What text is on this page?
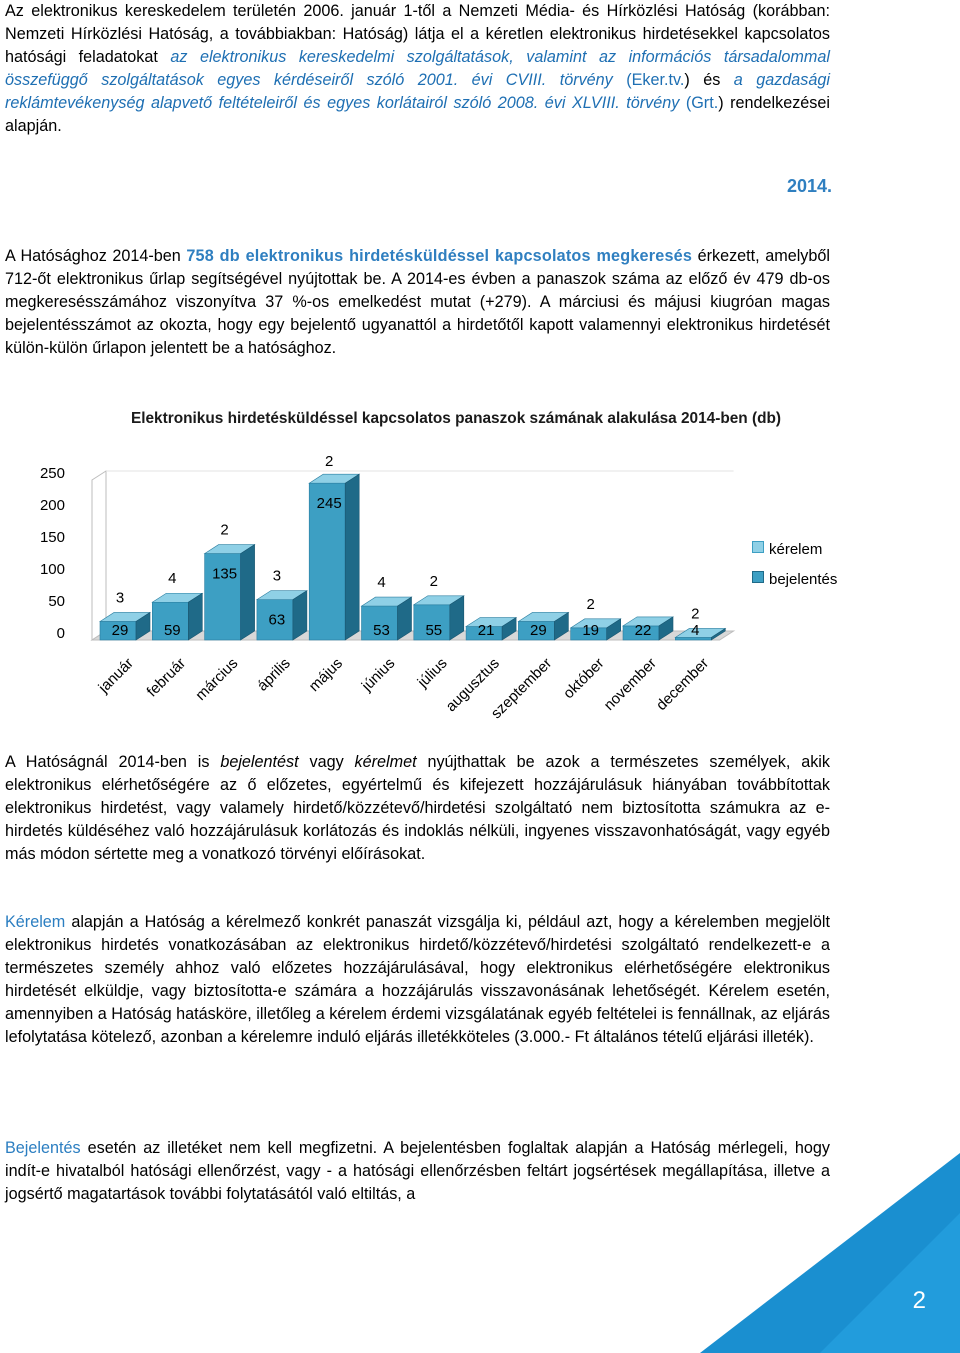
Az elektronikus kereskedelem területén 2006. január 1-től a Nemzeti Média- és Hírközlési Hatóság (korábban: Nemzeti Hírközlési Hatóság, a továbbiakban: Hatóság) látja el a kéretlen elektronikus hirdetésekkel kapcsolatos hatósági feladatokat az elektronikus kereskedelmi szolgáltatások, valamint az információs társadalommal összefüggő szolgáltatások egyes kérdéseiről szóló 2001. évi CVIII. törvény (Eker.tv.) és a gazdasági reklámtevékenység alapvető feltételeiről és egyes korlátairól szóló 2008. évi XLVIII. törvény (Grt.) rendelkezései alapján.

2014.

A Hatósághoz 2014-ben 758 db elektronikus hirdetésküldéssel kapcsolatos megkeresés érkezett, amelyből 712-őt elektronikus űrlap segítségével nyújtottak be. A 2014-es évben a panaszok száma az előző év 479 db-os megkeresésszámához viszonyítva 37 %-os emelkedést mutat (+279). A márciusi és májusi kiugróan magas bejelentésszámot az okozta, hogy egy bejelentő ugyanattól a hirdetőtől kapott valamennyi elektronikus hirdetését külön-külön űrlapon jelentett be a hatósághoz.

Elektronikus hirdetésküldéssel kapcsolatos panaszok számának alakulása 2014-ben (db)
250
200
150
100
50
0	29
3
január
59
4
február
135
2
március
63
3
április
245
2
május
53
4
június
55
2
július
21
augusztus
29
szeptember
19
2
október
22
november
4
2
december
kérelem
bejelentés

A Hatóságnál 2014-ben is bejelentést vagy kérelmet nyújthattak be azok a természetes személyek, akik elektronikus elérhetőségére az ő előzetes, egyértelmű és kifejezett hozzájárulásuk hiányában továbbítottak elektronikus hirdetést, vagy valamely hirdető/közzétevő/hirdetési szolgáltató nem biztosította számukra az e-hirdetés küldéséhez való hozzájárulásuk korlátozás és indoklás nélküli, ingyenes visszavonhatóságát, vagy egyéb más módon sértette meg a vonatkozó törvényi előírásokat.

Kérelem alapján a Hatóság a kérelmező konkrét panaszát vizsgálja ki, például azt, hogy a kérelemben megjelölt elektronikus hirdetés vonatkozásában az elektronikus hirdető/közzétevő/hirdetési szolgáltató rendelkezett-e a természetes személy ahhoz való előzetes hozzájárulásával, hogy elektronikus elérhetőségére elektronikus hirdetését elküldje, vagy biztosította-e számára a hozzájárulás visszavonásának lehetőségét. Kérelem esetén, amennyiben a Hatóság hatásköre, illetőleg a kérelem érdemi vizsgálatának egyéb feltételei is fennállnak, az eljárás lefolytatása kötelező, azonban a kérelemre induló eljárás illetékköteles (3.000.- Ft általános tételű eljárási illeték).

Bejelentés esetén az illetéket nem kell megfizetni. A bejelentésben foglaltak alapján a Hatóság mérlegeli, hogy indít-e hivatalból hatósági ellenőrzést, vagy - a hatósági ellenőrzésben feltárt jogsértések megállapítása, illetve a jogsértő magatartások további folytatásától való eltiltás, a

2
